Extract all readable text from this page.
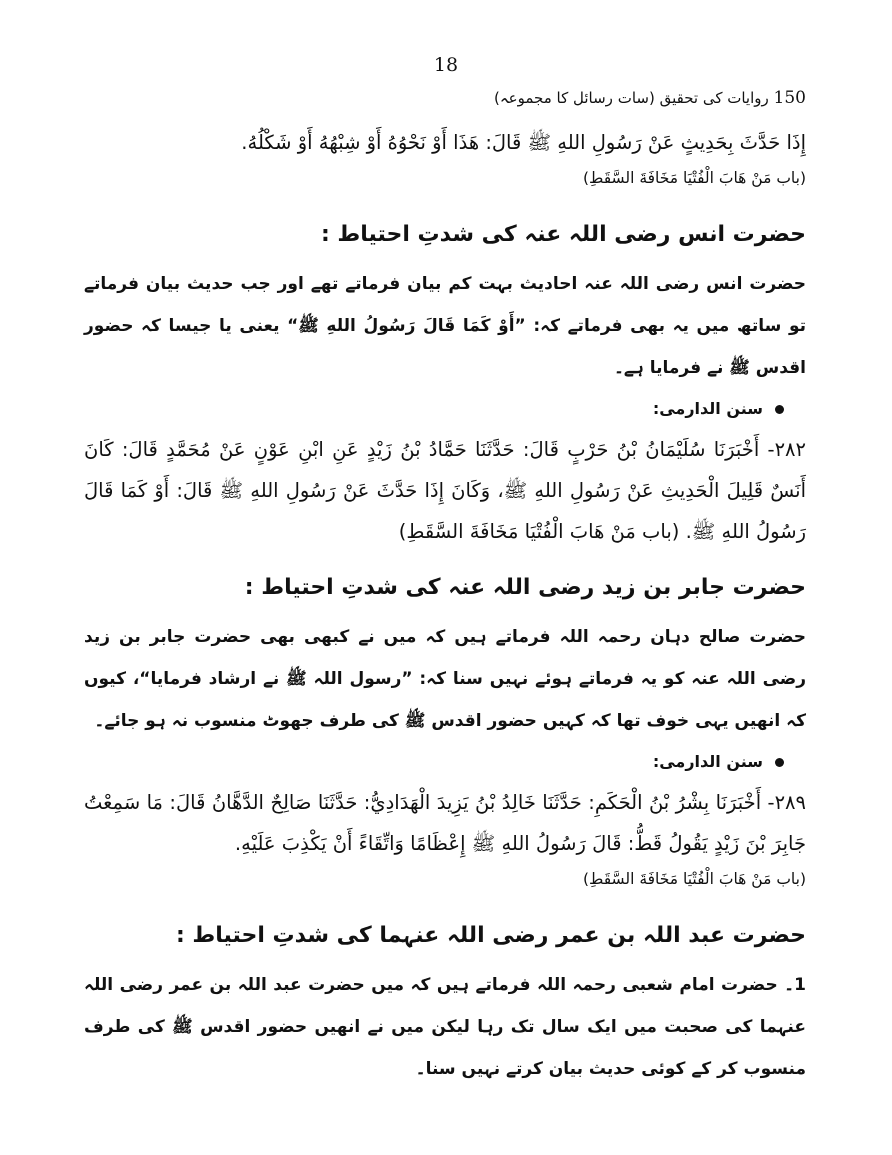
18
150 روایات کی تحقیق (سات رسائل کا مجموعہ)

إِذَا حَدَّثَ بِحَدِيثٍ عَنْ رَسُولِ اللهِ ﷺ قَالَ: هَذَا أَوْ نَحْوُهُ أَوْ شِبْهُهُ أَوْ شَكْلُهُ.

(باب مَنْ هَابَ الْفُتْيَا مَخَافَةَ السَّقَطِ)

حضرت انس رضی اللہ عنہ کی شدتِ احتیاط :

حضرت انس رضی اللہ عنہ احادیث بہت کم بیان فرماتے تھے اور جب حدیث بیان فرماتے تو ساتھ میں یہ بھی فرماتے کہ: ”أَوْ كَمَا قَالَ رَسُولُ اللهِ ﷺ“ یعنی یا جیسا کہ حضور اقدس ﷺ نے فرمایا ہے۔

سنن الدارمی:

٢٨٢- أَخْبَرَنَا سُلَيْمَانُ بْنُ حَرْبٍ قَالَ: حَدَّثَنَا حَمَّادُ بْنُ زَيْدٍ عَنِ ابْنِ عَوْنٍ عَنْ مُحَمَّدٍ قَالَ: كَانَ أَنَسٌ قَلِيلَ الْحَدِيثِ عَنْ رَسُولِ اللهِ ﷺ، وَكَانَ إِذَا حَدَّثَ عَنْ رَسُولِ اللهِ ﷺ قَالَ: أَوْ كَمَا قَالَ رَسُولُ اللهِ ﷺ. (باب مَنْ هَابَ الْفُتْيَا مَخَافَةَ السَّقَطِ)

حضرت جابر بن زید رضی اللہ عنہ کی شدتِ احتیاط :

حضرت صالح دہان رحمہ اللہ فرماتے ہیں کہ میں نے کبھی بھی حضرت جابر بن زید رضی اللہ عنہ کو یہ فرماتے ہوئے نہیں سنا کہ: ”رسول اللہ ﷺ نے ارشاد فرمایا“، کیوں کہ انھیں یہی خوف تھا کہ کہیں حضور اقدس ﷺ کی طرف جھوٹ منسوب نہ ہو جائے۔

سنن الدارمی:

٢٨٩- أَخْبَرَنَا بِشْرُ بْنُ الْحَكَمِ: حَدَّثَنَا خَالِدُ بْنُ يَزِيدَ الْهَدَادِيُّ: حَدَّثَنَا صَالِحٌ الدَّهَّانُ قَالَ: مَا سَمِعْتُ جَابِرَ بْنَ زَيْدٍ يَقُولُ قَطُّ: قَالَ رَسُولُ اللهِ ﷺ إِعْظَامًا وَاتِّقَاءً أَنْ يَكْذِبَ عَلَيْهِ.

(باب مَنْ هَابَ الْفُتْيَا مَخَافَةَ السَّقَطِ)

حضرت عبد اللہ بن عمر رضی اللہ عنہما کی شدتِ احتیاط :

1۔ حضرت امام شعبی رحمہ اللہ فرماتے ہیں کہ میں حضرت عبد اللہ بن عمر رضی اللہ عنہما کی صحبت میں ایک سال تک رہا لیکن میں نے انھیں حضور اقدس ﷺ کی طرف منسوب کر کے کوئی حدیث بیان کرتے نہیں سنا۔
